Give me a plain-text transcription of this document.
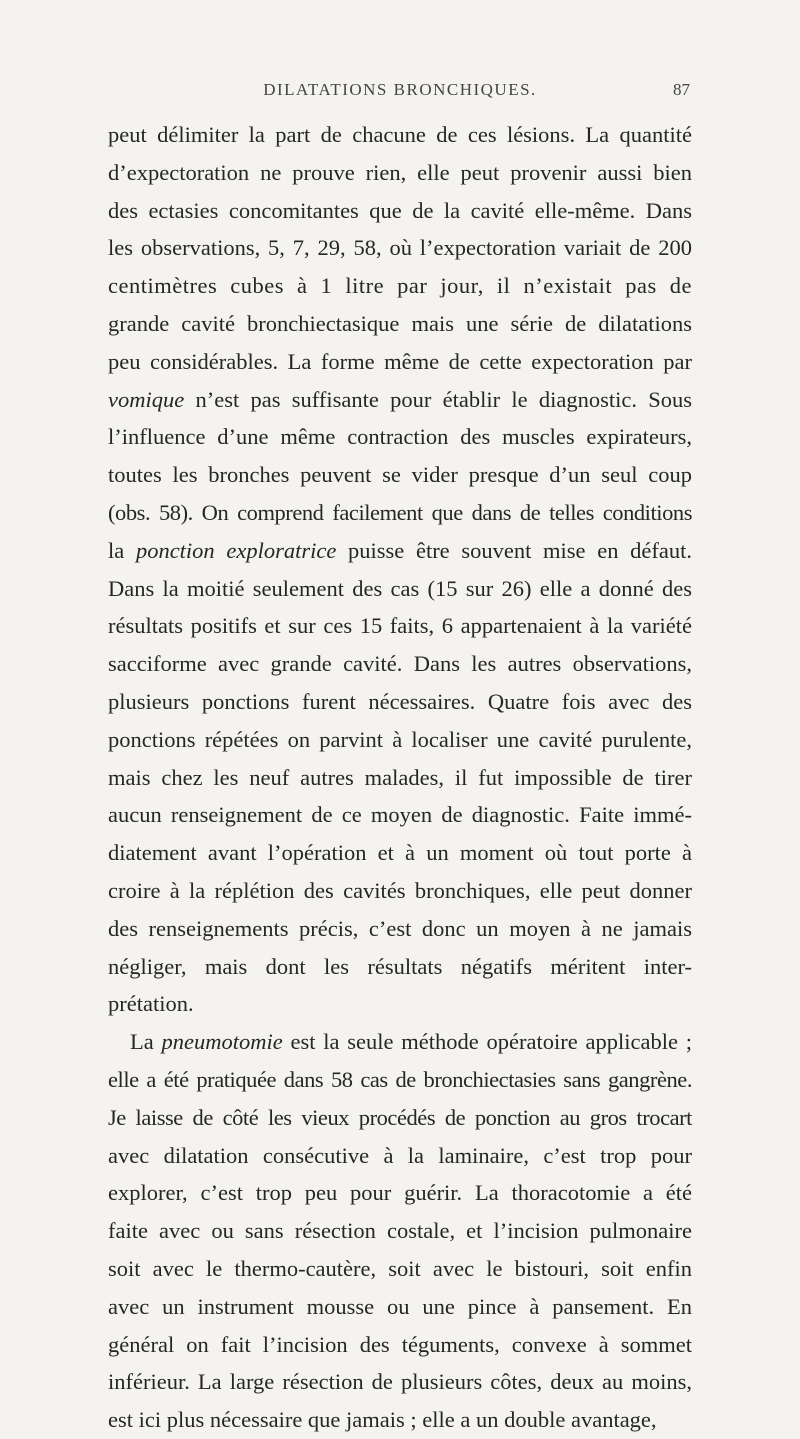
DILATATIONS BRONCHIQUES.	87
peut délimiter la part de chacune de ces lésions. La quantité
d’expectoration ne prouve rien, elle peut provenir aussi bien
des ectasies concomitantes que de la cavité elle-même. Dans
les observations, 5, 7, 29, 58, où l’expectoration variait de 200
centimètres cubes à 1 litre par jour, il n’existait pas de
grande cavité bronchiectasique mais une série de dilatations
peu considérables. La forme même de cette expectoration par
vomique n’est pas suffisante pour établir le diagnostic. Sous
l’influence d’une même contraction des muscles expirateurs,
toutes les bronches peuvent se vider presque d’un seul coup
(obs. 58). On comprend facilement que dans de telles conditions
la ponction exploratrice puisse être souvent mise en défaut.
Dans la moitié seulement des cas (15 sur 26) elle a donné des
résultats positifs et sur ces 15 faits, 6 appartenaient à la variété
sacciforme avec grande cavité. Dans les autres observations,
plusieurs ponctions furent nécessaires. Quatre fois avec des
ponctions répétées on parvint à localiser une cavité purulente,
mais chez les neuf autres malades, il fut impossible de tirer
aucun renseignement de ce moyen de diagnostic. Faite immé-
diatement avant l’opération et à un moment où tout porte à
croire à la réplétion des cavités bronchiques, elle peut donner
des renseignements précis, c’est donc un moyen à ne jamais
négliger, mais dont les résultats négatifs méritent inter-
prétation.
La pneumotomie est la seule méthode opératoire applicable ;
elle a été pratiquée dans 58 cas de bronchiectasies sans gangrène.
Je laisse de côté les vieux procédés de ponction au gros trocart
avec dilatation consécutive à la laminaire, c’est trop pour
explorer, c’est trop peu pour guérir. La thoracotomie a été
faite avec ou sans résection costale, et l’incision pulmonaire
soit avec le thermo-cautère, soit avec le bistouri, soit enfin
avec un instrument mousse ou une pince à pansement. En
général on fait l’incision des téguments, convexe à sommet
inférieur. La large résection de plusieurs côtes, deux au moins,
est ici plus nécessaire que jamais ; elle a un double avantage,
